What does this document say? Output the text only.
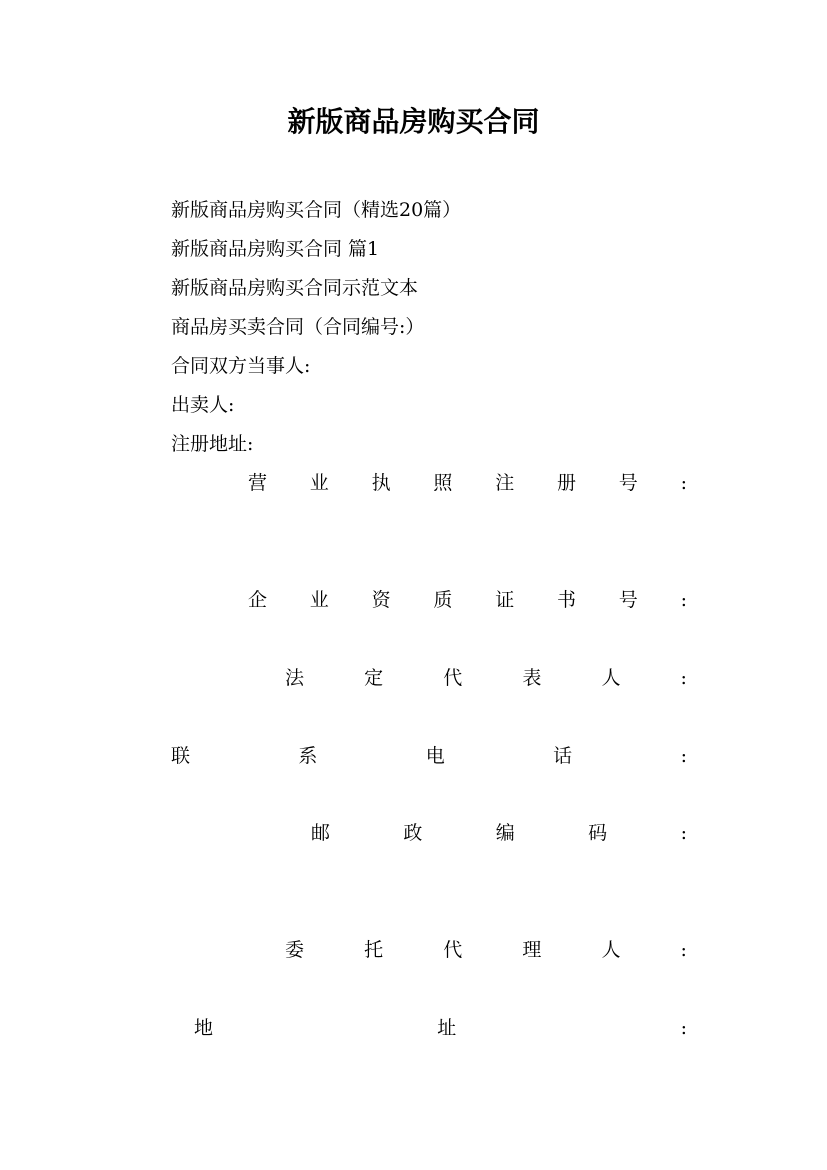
新版商品房购买合同
新版商品房购买合同（精选20篇）
新版商品房购买合同 篇1
新版商品房购买合同示范文本
商品房买卖合同（合同编号:）
合同双方当事人:
出卖人:
注册地址:
营 业 执 照 注 册 号 :
企 业 资 质 证 书 号 :
法	定	代	表	人	:
联	系	电	话	:
邮	政	编	码	:
委	托	代	理	人	:
地	址	:
